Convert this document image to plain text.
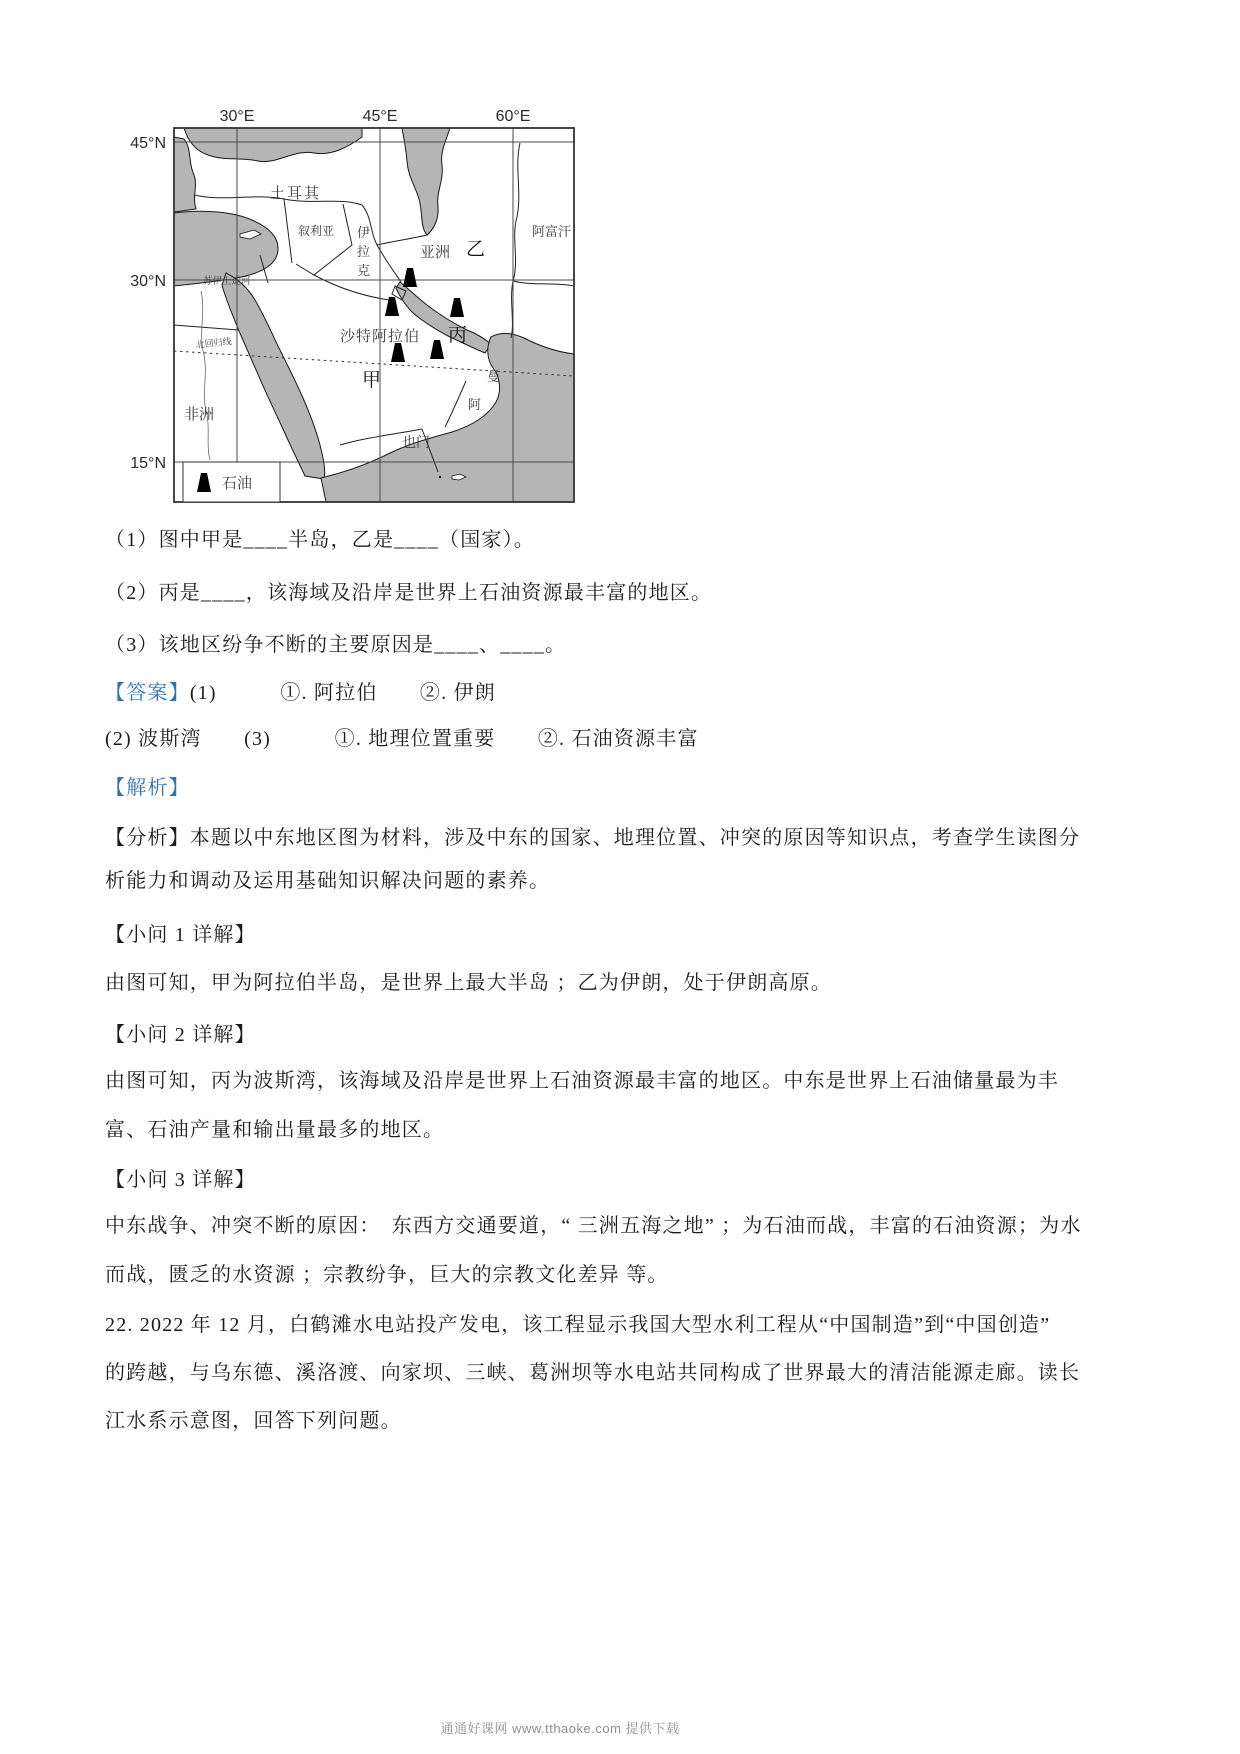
石油
30°E	45°E	60°E
45°N
30°N
15°N
土耳其
叙利亚 伊
拉
克
亚洲 乙
阿富汗
苏伊士运河
北回归线	沙特阿拉伯 丙
甲	曼
阿
非洲
也门
（1）图中甲是____半岛，乙是____（国家）。
（2）丙是____，该海域及沿岸是世界上石油资源最丰富的地区。
（3）该地区纷争不断的主要原因是____、____。
【答案】(1)　　　①. 阿拉伯　　②. 伊朗
(2) 波斯湾　　(3)　　　①. 地理位置重要　　②. 石油资源丰富
【解析】
【分析】本题以中东地区图为材料，涉及中东的国家、地理位置、冲突的原因等知识点，考查学生读图分
析能力和调动及运用基础知识解决问题的素养。
【小问 1 详解】
由图可知，甲为阿拉伯半岛，是世界上最大半岛 ；乙为伊朗，处于伊朗高原。
【小问 2 详解】
由图可知，丙为波斯湾，该海域及沿岸是世界上石油资源最丰富的地区。中东是世界上石油储量最为丰
富、石油产量和输出量最多的地区。
【小问 3 详解】
中东战争、冲突不断的原因：　东西方交通要道，“ 三洲五海之地” ；为石油而战，丰富的石油资源；为水
而战，匮乏的水资源 ；宗教纷争，巨大的宗教文化差异 等。
22. 2022 年 12 月，白鹤滩水电站投产发电，该工程显示我国大型水利工程从“中国制造”到“中国创造”
的跨越，与乌东德、溪洛渡、向家坝、三峡、葛洲坝等水电站共同构成了世界最大的清洁能源走廊。读长
江水系示意图，回答下列问题。
通通好课网 www.tthaoke.com 提供下载
